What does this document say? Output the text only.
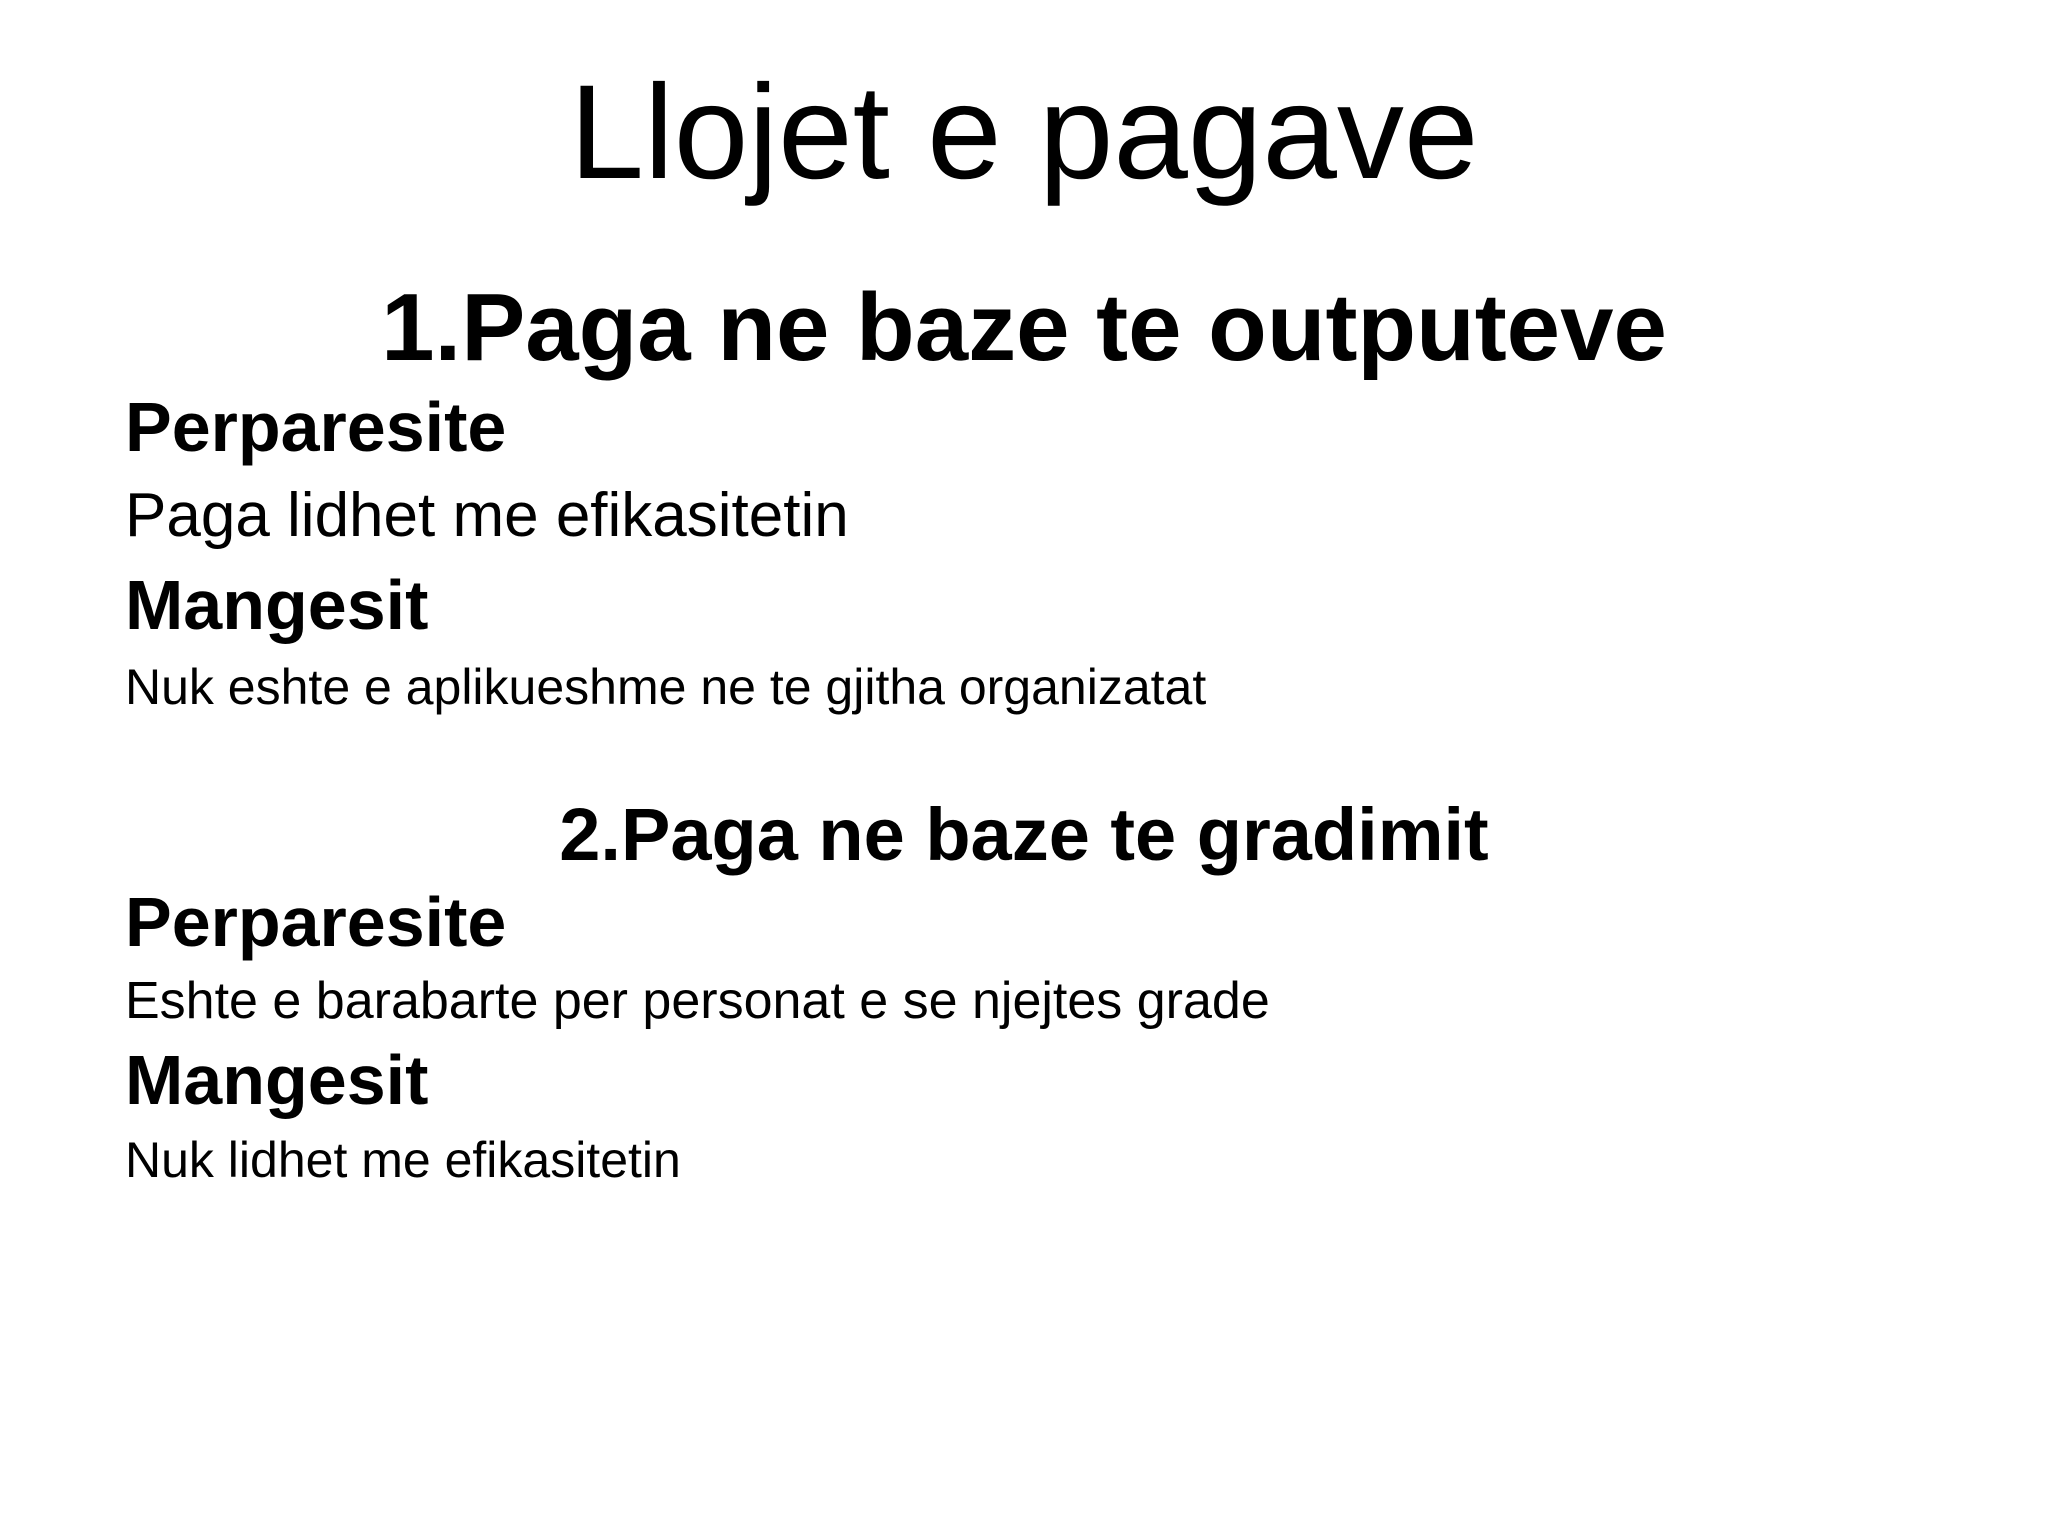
Llojet e pagave
1.Paga ne baze te outputeve
Perparesite
Paga lidhet me efikasitetin
Mangesit
Nuk eshte e aplikueshme ne te gjitha organizatat
2.Paga ne baze te gradimit
Perparesite
Eshte e barabarte per personat e se njejtes grade
Mangesit
Nuk lidhet me efikasitetin
